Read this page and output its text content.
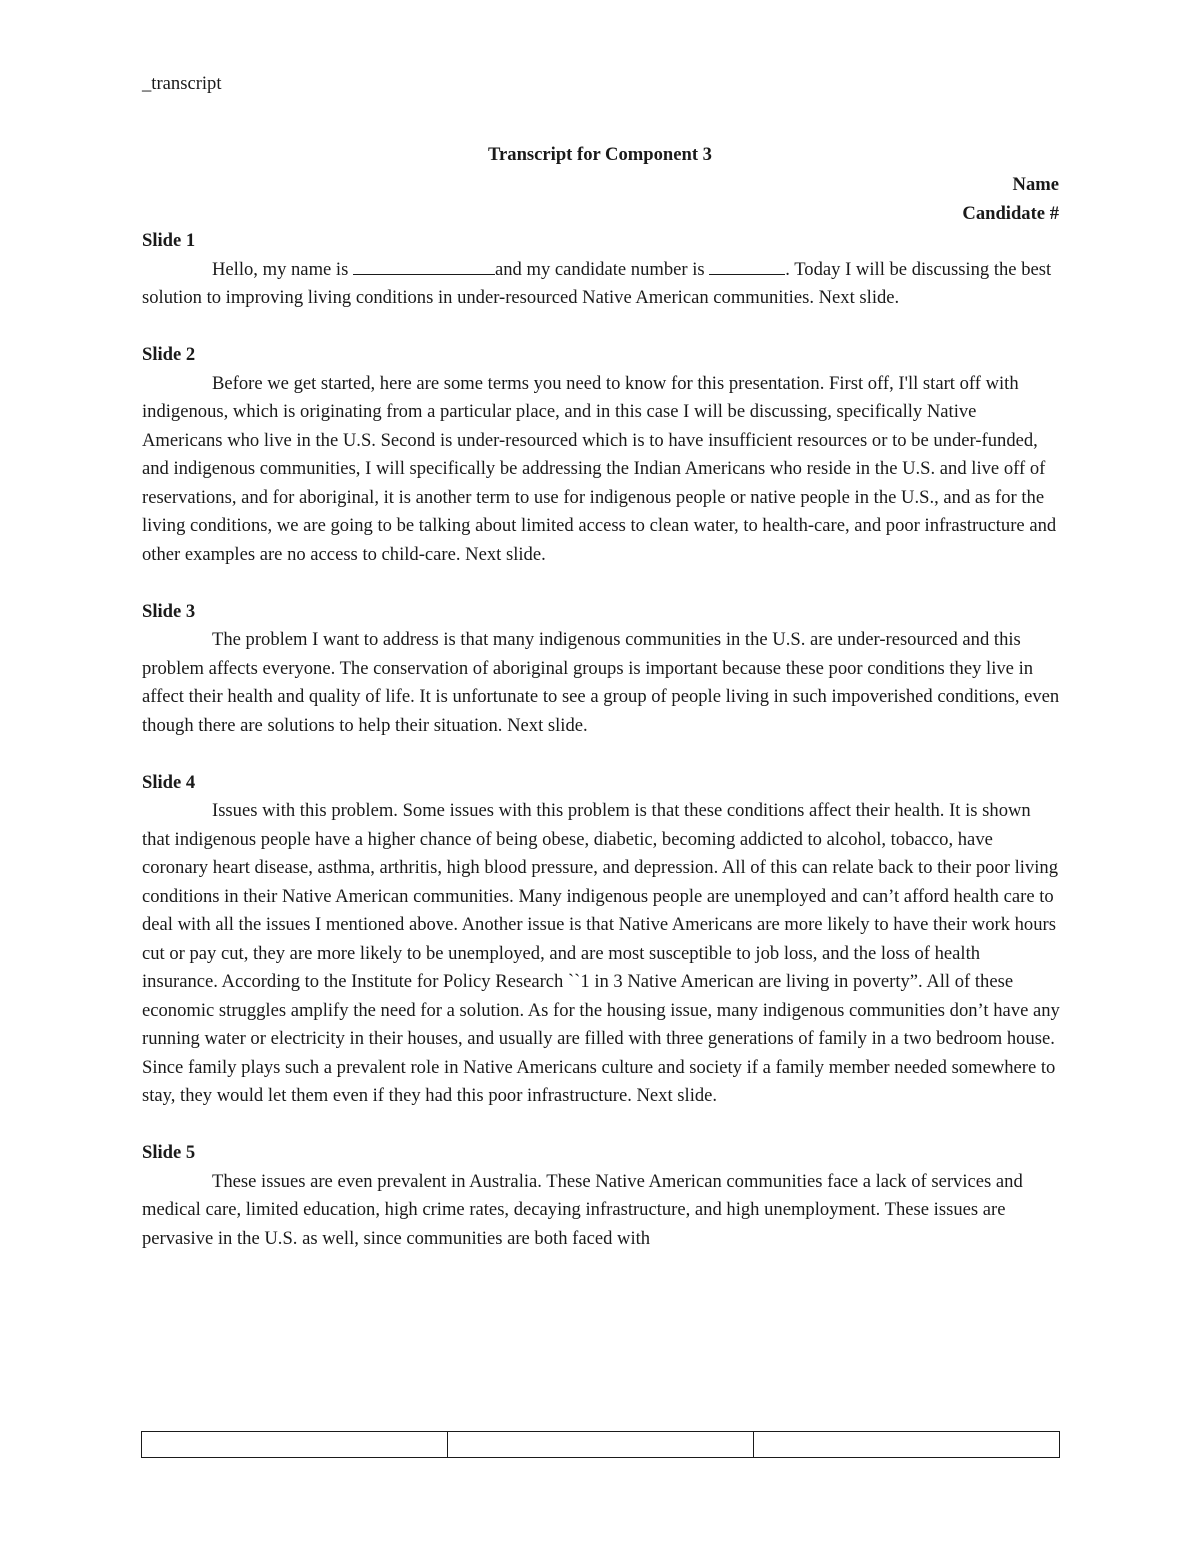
_transcript
Transcript for Component 3
Name
Candidate #

Slide 1

Hello, my name is	and my candidate number is	. Today I will be discussing the best solution to improving living conditions in under-resourced Native American communities. Next slide.

Slide 2

Before we get started, here are some terms you need to know for this presentation. First off, I'll start off with indigenous, which is originating from a particular place, and in this case I will be discussing, specifically Native Americans who live in the U.S. Second is under-resourced which is to have insufficient resources or to be under-funded, and indigenous communities, I will specifically be addressing the Indian Americans who reside in the U.S. and live off of reservations, and for aboriginal, it is another term to use for indigenous people or native people in the U.S., and as for the living conditions, we are going to be talking about limited access to clean water, to health-care, and poor infrastructure and other examples are no access to child-care. Next slide.

Slide 3

The problem I want to address is that many indigenous communities in the U.S. are under-resourced and this problem affects everyone. The conservation of aboriginal groups is important because these poor conditions they live in affect their health and quality of life. It is unfortunate to see a group of people living in such impoverished conditions, even though there are solutions to help their situation. Next slide.

Slide 4

Issues with this problem. Some issues with this problem is that these conditions affect their health. It is shown that indigenous people have a higher chance of being obese, diabetic, becoming addicted to alcohol, tobacco, have coronary heart disease, asthma, arthritis, high blood pressure, and depression. All of this can relate back to their poor living conditions in their Native American communities. Many indigenous people are unemployed and can’t afford health care to deal with all the issues I mentioned above. Another issue is that Native Americans are more likely to have their work hours cut or pay cut, they are more likely to be unemployed, and are most susceptible to job loss, and the loss of health insurance. According to the Institute for Policy Research ``1 in 3 Native American are living in poverty”. All of these economic struggles amplify the need for a solution. As for the housing issue, many indigenous communities don’t have any running water or electricity in their houses, and usually are filled with three generations of family in a two bedroom house. Since family plays such a prevalent role in Native Americans culture and society if a family member needed somewhere to stay, they would let them even if they had this poor infrastructure. Next slide.

Slide 5

These issues are even prevalent in Australia. These Native American communities face a lack of services and medical care, limited education, high crime rates, decaying infrastructure, and high unemployment. These issues are pervasive in the U.S. as well, since communities are both faced with
